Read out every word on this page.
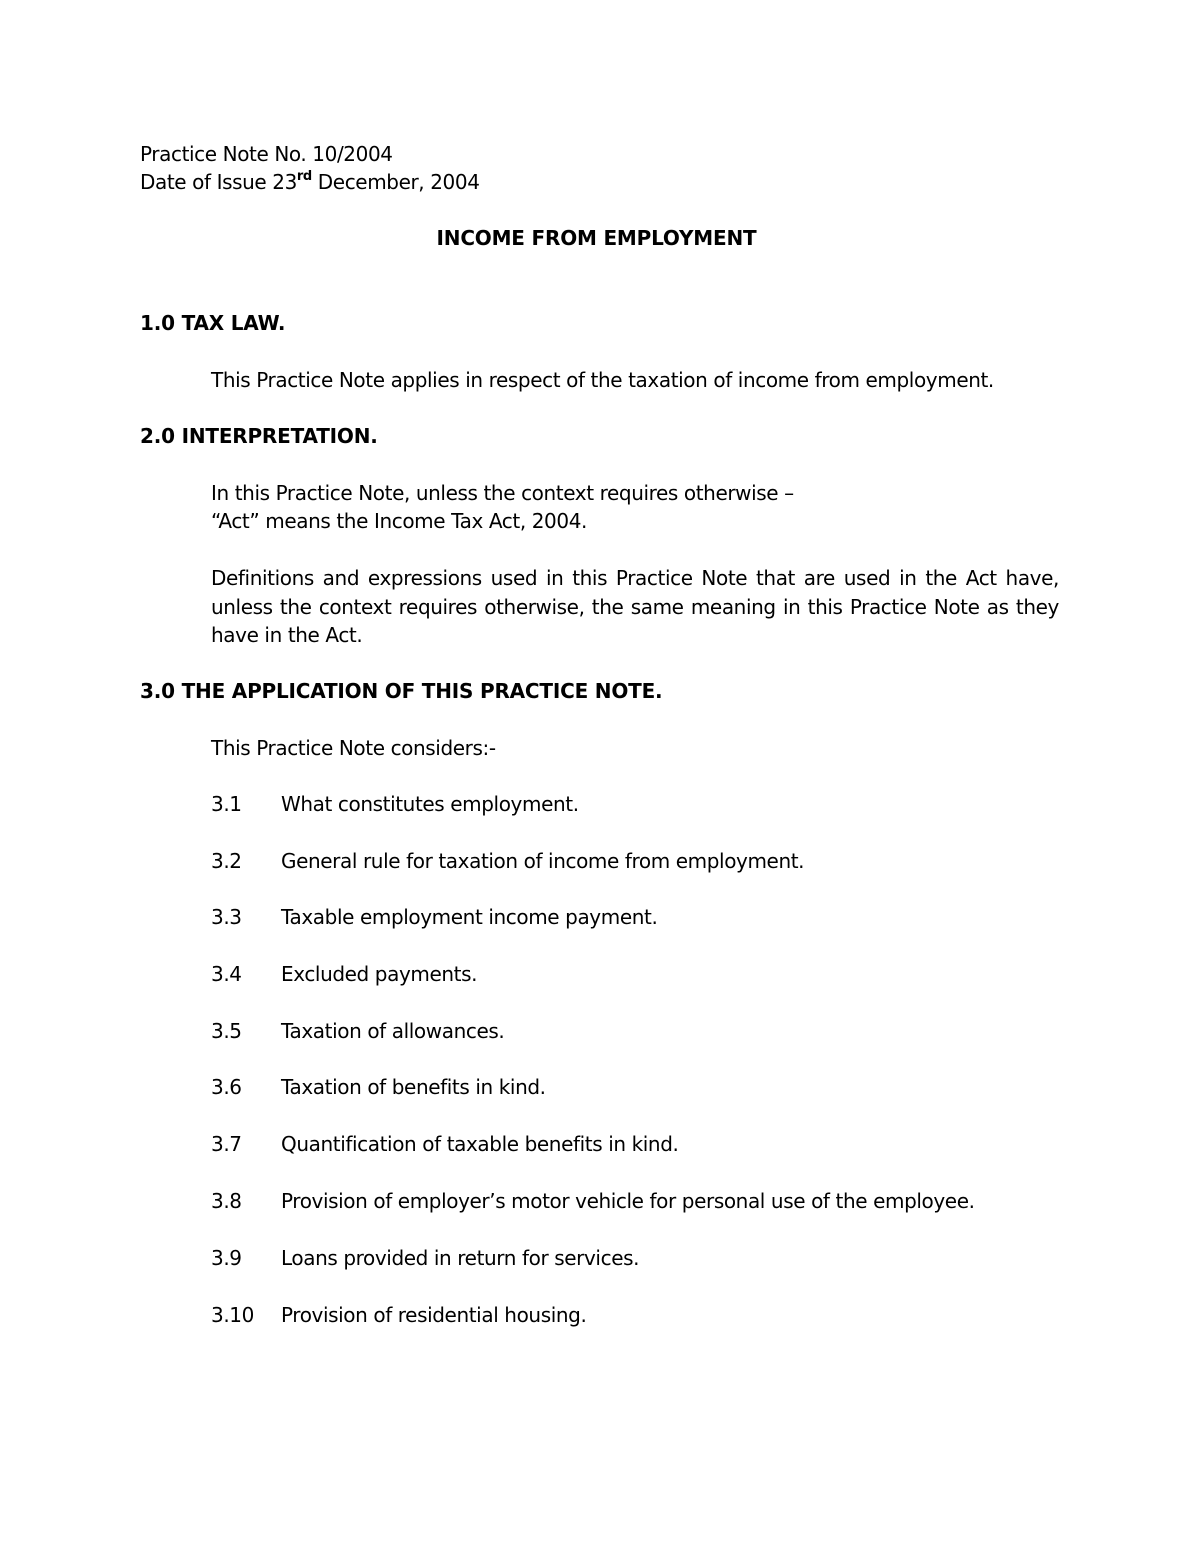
Practice Note No. 10/2004
Date of Issue 23rd December, 2004
INCOME FROM EMPLOYMENT
1.0 TAX LAW.
This Practice Note applies in respect of the taxation of income from employment.
2.0 INTERPRETATION.
In this Practice Note, unless the context requires otherwise –
“Act” means the Income Tax Act, 2004.
Definitions and expressions used in this Practice Note that are used in the Act have, unless the context requires otherwise, the same meaning in this Practice Note as they have in the Act.
3.0 THE APPLICATION OF THIS PRACTICE NOTE.
This Practice Note considers:-
3.1 What constitutes employment.
3.2 General rule for taxation of income from employment.
3.3 Taxable employment income payment.
3.4 Excluded payments.
3.5 Taxation of allowances.
3.6 Taxation of benefits in kind.
3.7 Quantification of taxable benefits in kind.
3.8 Provision of employer’s motor vehicle for personal use of the employee.
3.9 Loans provided in return for services.
3.10 Provision of residential housing.
